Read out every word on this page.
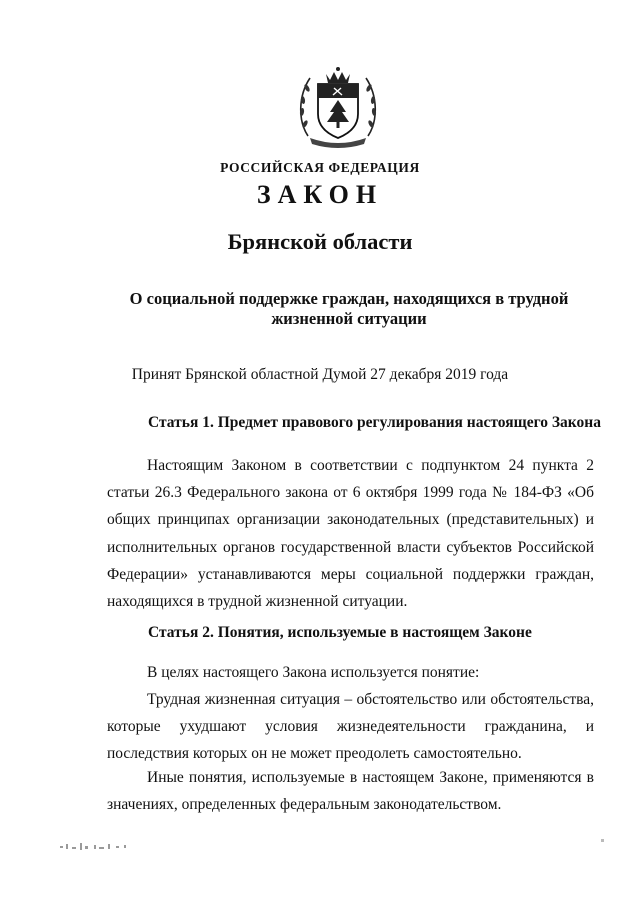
РОССИЙСКАЯ ФЕДЕРАЦИЯ
ЗАКОН
Брянской области
О социальной поддержке граждан, находящихся в трудной жизненной ситуации
Принят Брянской областной Думой 27 декабря 2019 года
Статья 1. Предмет правового регулирования настоящего Закона
Настоящим Законом в соответствии с подпунктом 24 пункта 2 статьи 26.3 Федерального закона от 6 октября 1999 года № 184-ФЗ «Об общих принципах организации законодательных (представительных) и исполнительных органов государственной власти субъектов Российской Федерации» устанавливаются меры социальной поддержки граждан, находящихся в трудной жизненной ситуации.
Статья 2. Понятия, используемые в настоящем Законе
В целях настоящего Закона используется понятие:
Трудная жизненная ситуация – обстоятельство или обстоятельства, которые ухудшают условия жизнедеятельности гражданина, и последствия которых он не может преодолеть самостоятельно.
Иные понятия, используемые в настоящем Законе, применяются в значениях, определенных федеральным законодательством.
